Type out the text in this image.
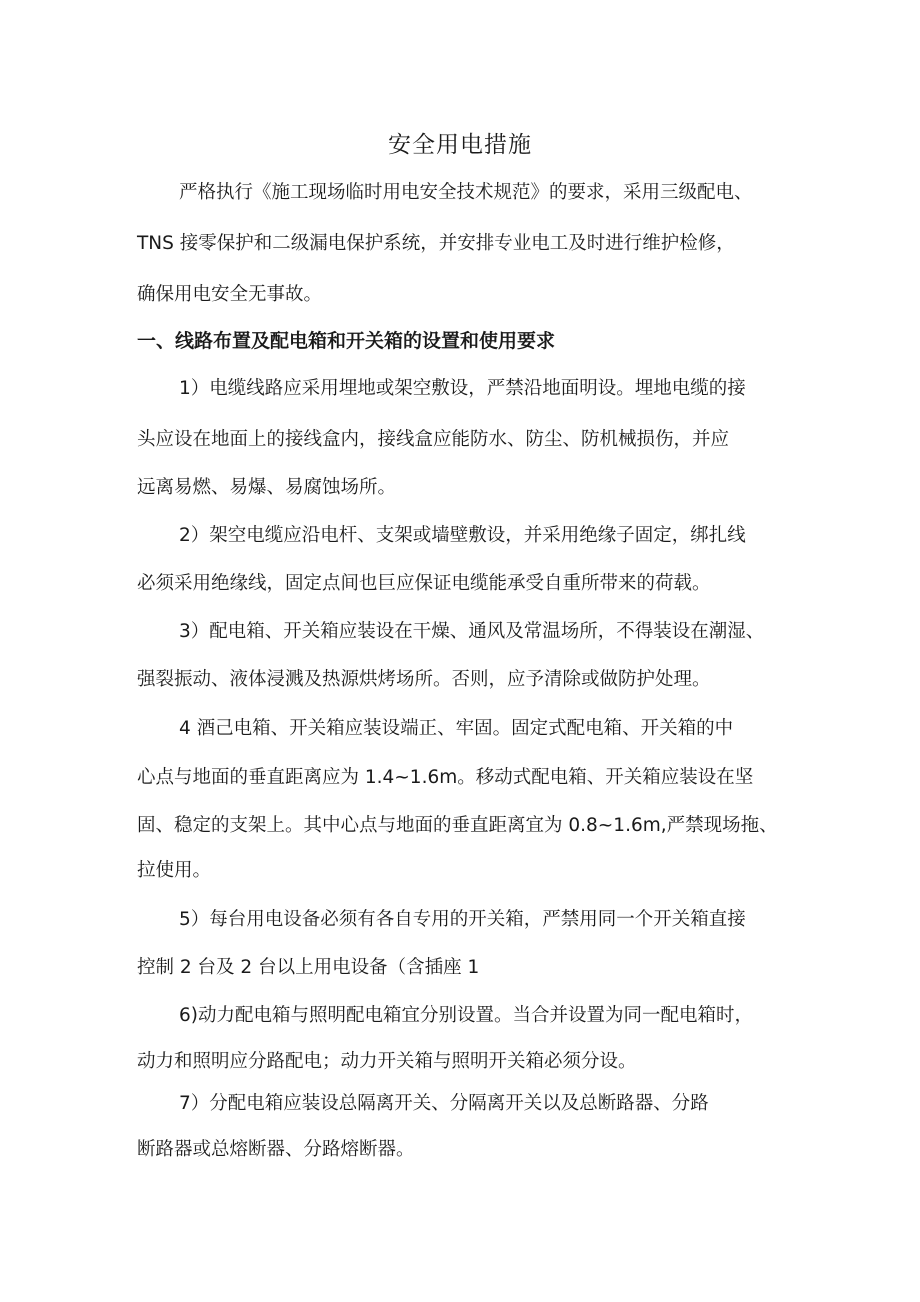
安全用电措施
严格执行《施工现场临时用电安全技术规范》的要求，采用三级配电、
TNS 接零保护和二级漏电保护系统，并安排专业电工及时进行维护检修，
确保用电安全无事故。
一、线路布置及配电箱和开关箱的设置和使用要求
1）电缆线路应采用埋地或架空敷设，严禁沿地面明设。埋地电缆的接
头应设在地面上的接线盒内，接线盒应能防水、防尘、防机械损伤，并应
远离易燃、易爆、易腐蚀场所。
2）架空电缆应沿电杆、支架或墙壁敷设，并采用绝缘子固定，绑扎线
必须采用绝缘线，固定点间也巨应保证电缆能承受自重所带来的荷载。
3）配电箱、开关箱应装设在干燥、通风及常温场所，不得装设在潮湿、
强裂振动、液体浸溅及热源烘烤场所。否则，应予清除或做防护处理。
4 酒己电箱、开关箱应装设端正、牢固。固定式配电箱、开关箱的中
心点与地面的垂直距离应为 1.4~1.6m。移动式配电箱、开关箱应装设在坚
固、稳定的支架上。其中心点与地面的垂直距离宜为 0.8~1.6m,严禁现场拖、
拉使用。
5）每台用电设备必须有各自专用的开关箱，严禁用同一个开关箱直接
控制 2 台及 2 台以上用电设备（含插座 1
6)动力配电箱与照明配电箱宜分别设置。当合并设置为同一配电箱时，
动力和照明应分路配电；动力开关箱与照明开关箱必须分设。
7）分配电箱应装设总隔离开关、分隔离开关以及总断路器、分路
断路器或总熔断器、分路熔断器。
